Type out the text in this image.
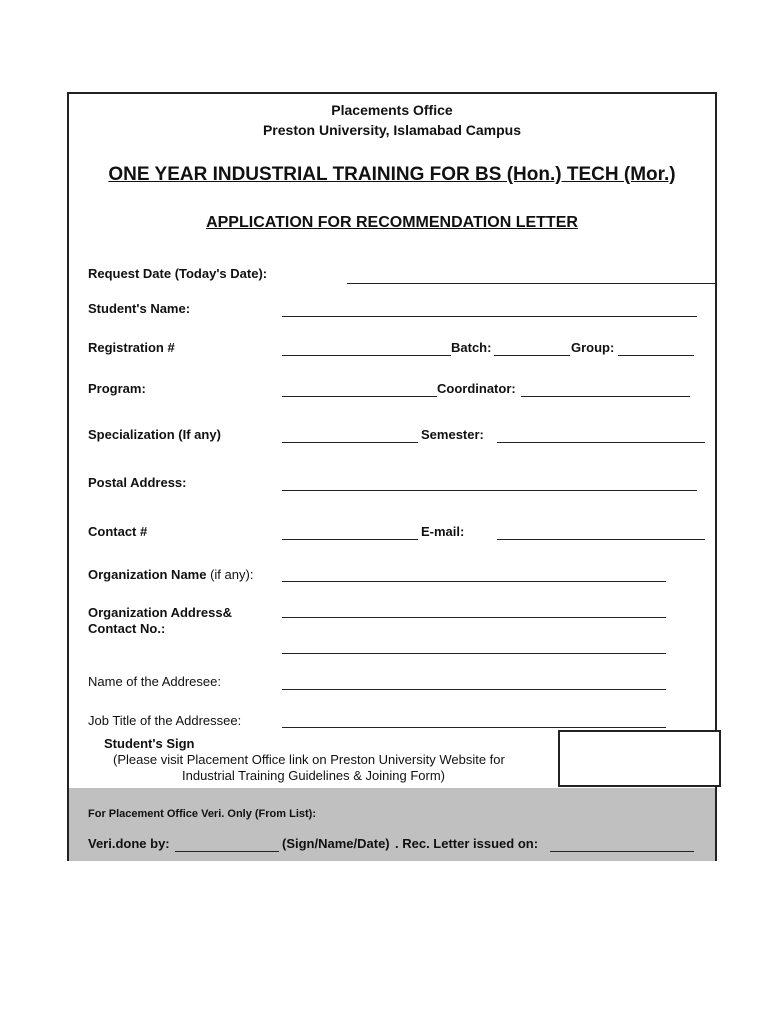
Placements Office
Preston University, Islamabad Campus
ONE YEAR INDUSTRIAL TRAINING FOR BS (Hon.) TECH (Mor.)
APPLICATION FOR RECOMMENDATION LETTER
Request Date (Today's Date):
Student's Name:
Registration #	Batch:	Group:
Program:	Coordinator:
Specialization (If any)	Semester:
Postal Address:
Contact #	E-mail:
Organization Name (if any):
Organization Address&
Contact No.:
Name of the Addresee:
Job Title of the Addressee:
Student's Sign
(Please visit Placement Office link on Preston University Website for
Industrial Training Guidelines & Joining Form)
For Placement Office Veri. Only (From List):
Veri.done by:	(Sign/Name/Date) . Rec. Letter issued on:
